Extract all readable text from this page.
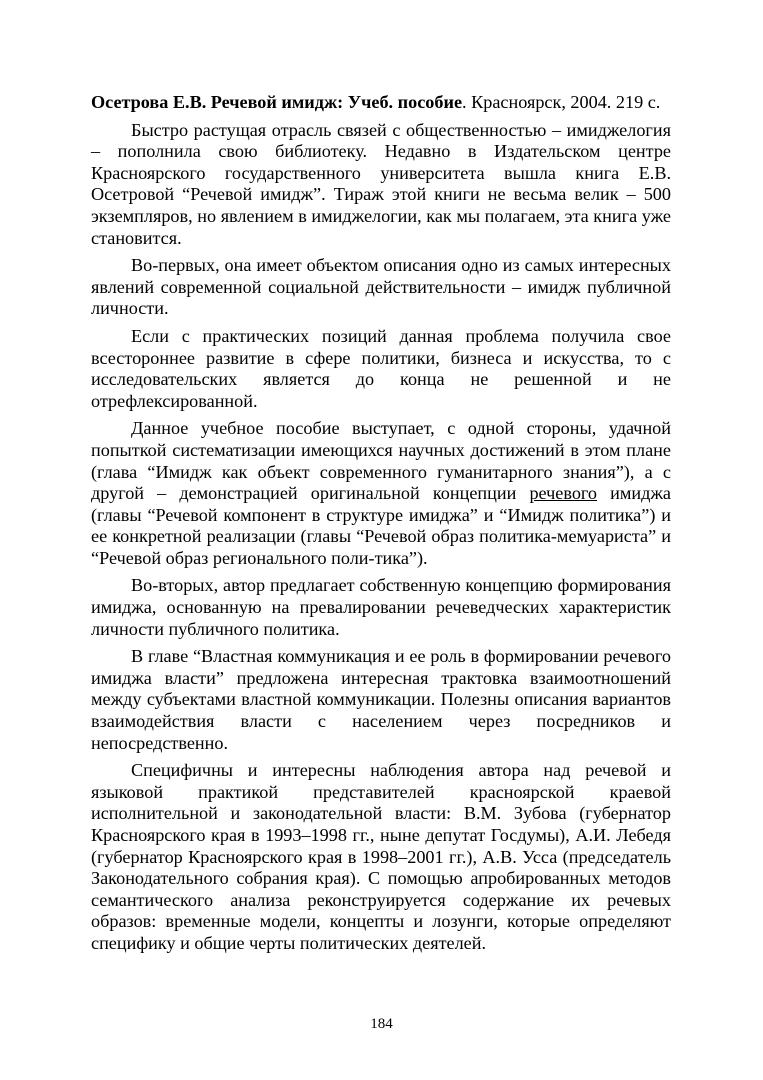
Осетрова Е.В. Речевой имидж: Учеб. пособие. Красноярск, 2004. 219 с.

Быстро растущая отрасль связей с общественностью – имиджелогия – пополнила свою библиотеку. Недавно в Издательском центре Красноярского государственного университета вышла книга Е.В. Осетровой “Речевой имидж”. Тираж этой книги не весьма велик – 500 экземпляров, но явлением в имиджелогии, как мы полагаем, эта книга уже становится.

Во-первых, она имеет объектом описания одно из самых интересных явлений современной социальной действительности – имидж публичной личности.

Если с практических позиций данная проблема получила свое всестороннее развитие в сфере политики, бизнеса и искусства, то с исследовательских является до конца не решенной и не отрефлексированной.

Данное учебное пособие выступает, с одной стороны, удачной попыткой систематизации имеющихся научных достижений в этом плане (глава “Имидж как объект современного гуманитарного знания”), а с другой – демонстрацией оригинальной концепции речевого имиджа (главы “Речевой компонент в структуре имиджа” и “Имидж политика”) и ее конкретной реализации (главы “Речевой образ политика-мемуариста” и “Речевой образ регионального поли-тика”).

Во-вторых, автор предлагает собственную концепцию формирования имиджа, основанную на превалировании речеведческих характеристик личности публичного политика.

В главе “Властная коммуникация и ее роль в формировании речевого имиджа власти” предложена интересная трактовка взаимоотношений между субъектами властной коммуникации. Полезны описания вариантов взаимодействия власти с населением через посредников и непосредственно.

Специфичны и интересны наблюдения автора над речевой и языковой практикой представителей красноярской краевой исполнительной и законодательной власти: В.М. Зубова (губернатор Красноярского края в 1993–1998 гг., ныне депутат Госдумы), А.И. Лебедя (губернатор Красноярского края в 1998–2001 гг.), А.В. Усса (председатель Законодательного собрания края). С помощью апробированных методов семантического анализа реконструируется содержание их речевых образов: временные модели, концепты и лозунги, которые определяют специфику и общие черты политических деятелей.

184
